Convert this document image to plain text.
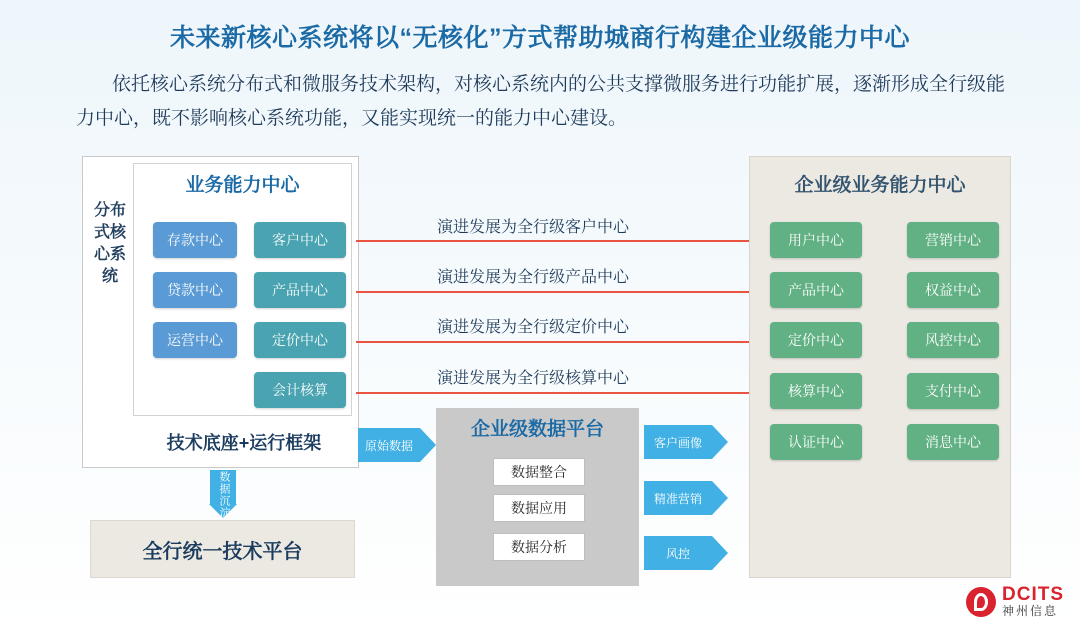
未来新核心系统将以“无核化”方式帮助城商行构建企业级能力中心
依托核心系统分布式和微服务技术架构，对核心系统内的公共支撑微服务进行功能扩展，逐渐形成全行级能力中心，既不影响核心系统功能，又能实现统一的能力中心建设。
分布式核心系统
业务能力中心
存款中心
贷款中心
运营中心
客户中心
产品中心
定价中心
会计核算
技术底座+运行框架
全行统一技术平台
演进发展为全行级客户中心
演进发展为全行级产品中心
演进发展为全行级定价中心
演进发展为全行级核算中心
企业级业务能力中心
用户中心
产品中心
定价中心
核算中心
认证中心
营销中心
权益中心
风控中心
支付中心
消息中心
企业级数据平台
数据整合
数据应用
数据分析
原始数据
数据沉淀
客户画像
精准营销
风控
DCITS
神州信息
